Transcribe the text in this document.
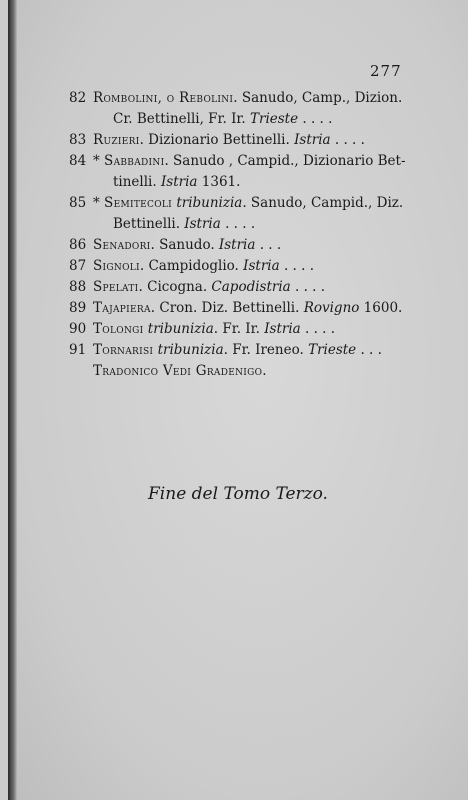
277
82 Rombolini, o Rebolini. Sanudo, Camp., Dizion.
Cr. Bettinelli, Fr. Ir. Trieste . . . .
83 Ruzieri. Dizionario Bettinelli. Istria . . . .
84 * Sabbadini. Sanudo , Campid., Dizionario Bet-
tinelli. Istria 1361.
85 * Semitecoli tribunizia. Sanudo, Campid., Diz.
Bettinelli. Istria . . . .
86 Senadori. Sanudo. Istria . . .
87 Signoli. Campidoglio. Istria . . . .
88 Spelati. Cicogna. Capodistria . . . .
89 Tajapiera. Cron. Diz. Bettinelli. Rovigno 1600.
90 Tolongi tribunizia. Fr. Ir. Istria . . . .
91 Tornarisi tribunizia. Fr. Ireneo. Trieste . . .
Tradonico Vedi Gradenigo.
Fine del Tomo Terzo.
